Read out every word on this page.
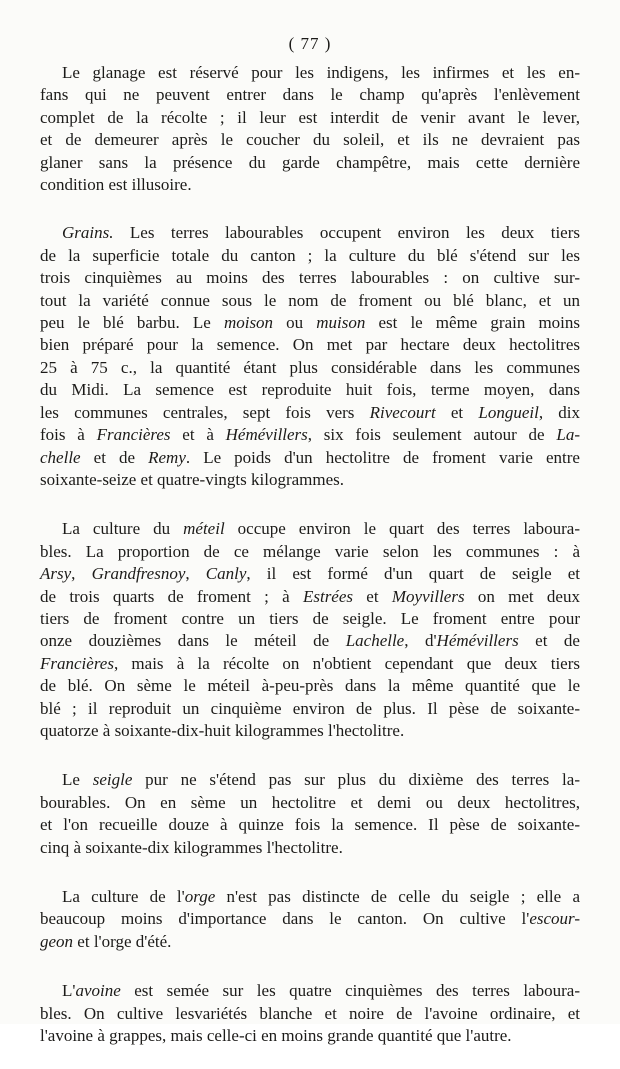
( 77 )

Le glanage est réservé pour les indigens, les infirmes et les en-
fans qui ne peuvent entrer dans le champ qu'après l'enlèvement
complet de la récolte ; il leur est interdit de venir avant le lever,
et de demeurer après le coucher du soleil, et ils ne devraient pas
glaner sans la présence du garde champêtre, mais cette dernière
condition est illusoire.

Grains. Les terres labourables occupent environ les deux tiers
de la superficie totale du canton ; la culture du blé s'étend sur les
trois cinquièmes au moins des terres labourables : on cultive sur-
tout la variété connue sous le nom de froment ou blé blanc, et un
peu le blé barbu. Le moison ou muison est le même grain moins
bien préparé pour la semence. On met par hectare deux hectolitres
25 à 75 c., la quantité étant plus considérable dans les communes
du Midi. La semence est reproduite huit fois, terme moyen, dans
les communes centrales, sept fois vers Rivecourt et Longueil, dix
fois à Francières et à Hémévillers, six fois seulement autour de La-
chelle et de Remy. Le poids d'un hectolitre de froment varie entre
soixante-seize et quatre-vingts kilogrammes.

La culture du méteil occupe environ le quart des terres laboura-
bles. La proportion de ce mélange varie selon les communes : à
Arsy, Grandfresnoy, Canly, il est formé d'un quart de seigle et
de trois quarts de froment ; à Estrées et Moyvillers on met deux
tiers de froment contre un tiers de seigle. Le froment entre pour
onze douzièmes dans le méteil de Lachelle, d'Hémévillers et de
Francières, mais à la récolte on n'obtient cependant que deux tiers
de blé. On sème le méteil à-peu-près dans la même quantité que le
blé ; il reproduit un cinquième environ de plus. Il pèse de soixante-
quatorze à soixante-dix-huit kilogrammes l'hectolitre.

Le seigle pur ne s'étend pas sur plus du dixième des terres la-
bourables. On en sème un hectolitre et demi ou deux hectolitres,
et l'on recueille douze à quinze fois la semence. Il pèse de soixante-
cinq à soixante-dix kilogrammes l'hectolitre.

La culture de l'orge n'est pas distincte de celle du seigle ; elle a
beaucoup moins d'importance dans le canton. On cultive l'escour-
geon et l'orge d'été.

L'avoine est semée sur les quatre cinquièmes des terres laboura-
bles. On cultive lesvariétés blanche et noire de l'avoine ordinaire, et
l'avoine à grappes, mais celle-ci en moins grande quantité que l'autre.
